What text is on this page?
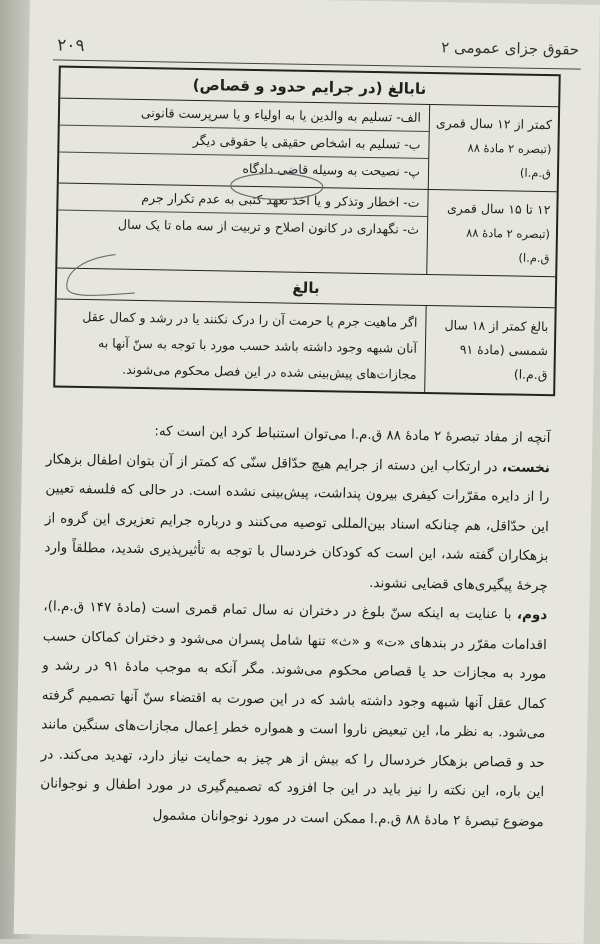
حقوق جزای عمومی ۲
۲۰۹
نابالغ (در جرایم حدود و قصاص)
کمتر از ۱۲ سال قمری
(تبصره ۲ مادۀ ۸۸ ق.م.ا)
الف- تسلیم به والدین یا به اولیاء و یا سرپرست قانونی
ب- تسلیم به اشخاص حقیقی یا حقوقی دیگر
پ- نصیحت به وسیله قاضی دادگاه
۱۲ تا ۱۵ سال قمری
(تبصره ۲ مادۀ ۸۸ ق.م.ا)
ت- اخطار وتذکر و یا اخذ تعهد کتبی به عدم تکرار جرم
ث- نگهداری در کانون اصلاح و تربیت از سه ماه تا یک سال
بالغ
بالغ کمتر از ۱۸ سال
شمسی (مادۀ ۹۱ ق.م.ا)
اگر ماهیت جرم یا حرمت آن را درک نکنند یا در رشد و کمال عقل آنان شبهه وجود داشته باشد حسب مورد با توجه به سنّ آنها به مجازات‌های پیش‌بینی شده در این فصل محکوم می‌شوند.

آنچه از مفاد تبصرۀ ۲ مادۀ ۸۸ ق.م.ا می‌توان استنباط کرد این است که:

نخست، در ارتکاب این دسته از جرایم هیچ حدّاقل سنّی که کمتر از آن بتوان اطفال بزهکار را از دایره مقرّرات کیفری بیرون پنداشت، پیش‌بینی نشده است. در حالی که فلسفه تعیین این حدّاقل، هم چنانکه اسناد بین‌المللی توصیه می‌کنند و درباره جرایم تعزیری این گروه از بزهکاران گفته شد، این است که کودکان خردسال با توجه به تأثیرپذیری شدید، مطلقاً وارد چرخۀ پیگیری‌های قضایی نشوند.

دوم، با عنایت به اینکه سنّ بلوغ در دختران نه سال تمام قمری است (مادۀ ۱۴۷ ق.م.ا)، اقدامات مقرّر در بندهای «ت» و «ث» تنها شامل پسران می‌شود و دختران کماکان حسب مورد به مجازات حد یا قصاص محکوم می‌شوند. مگر آنکه به موجب مادۀ ۹۱ در رشد و کمال عقل آنها شبهه وجود داشته باشد که در این صورت به اقتضاء سنّ آنها تصمیم گرفته می‌شود. به نظر ما، این تبعیض ناروا است و همواره خطر اِعمال مجازات‌های سنگین مانند حد و قصاص بزهکار خردسال را که بیش از هر چیز به حمایت نیاز دارد، تهدید می‌کند. در این باره، این نکته را نیز باید در این جا افزود که تصمیم‌گیری در مورد اطفال و نوجوانان موضوع تبصرۀ ۲ مادۀ ۸۸ ق.م.ا ممکن است در مورد نوجوانان مشمول
